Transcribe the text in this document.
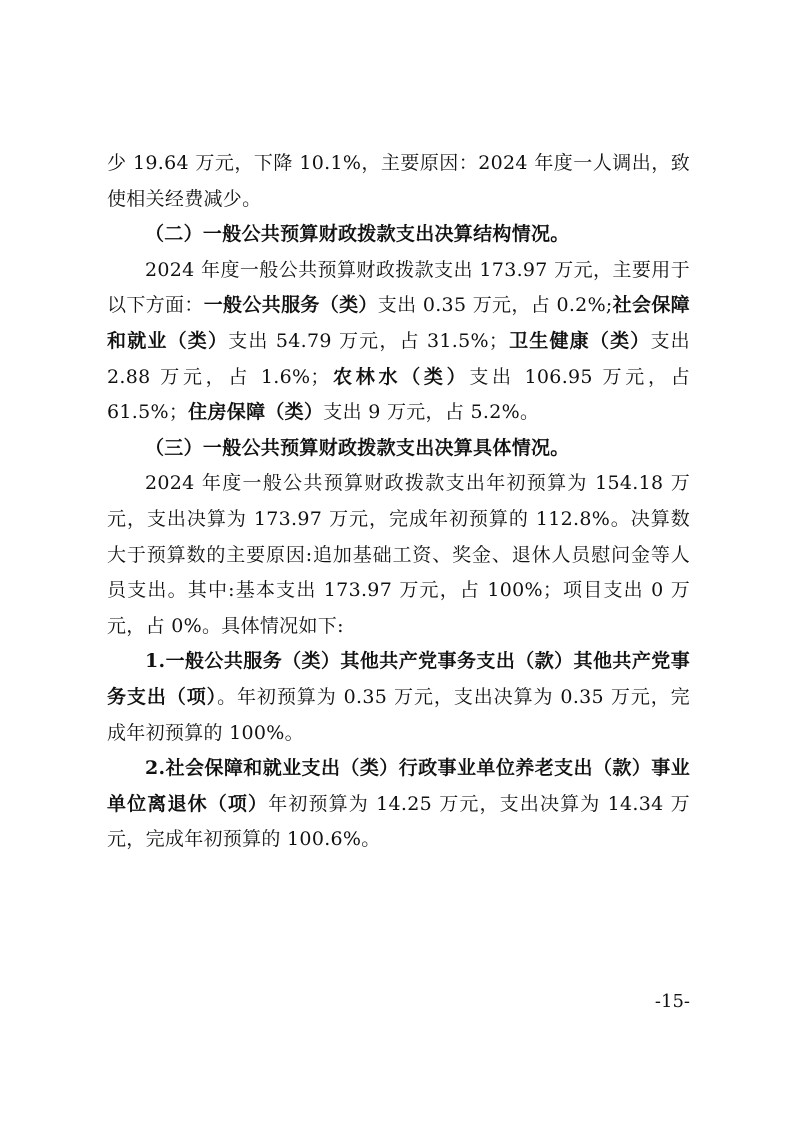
少 19.64 万元，下降 10.1%，主要原因：2024 年度一人调出，致使相关经费减少。

（二）一般公共预算财政拨款支出决算结构情况。

2024 年度一般公共预算财政拨款支出 173.97 万元，主要用于以下方面：一般公共服务（类）支出 0.35 万元，占 0.2%;社会保障和就业（类）支出 54.79 万元，占 31.5%；卫生健康（类）支出 2.88 万元，占 1.6%；农林水（类）支出 106.95 万元，占 61.5%；住房保障（类）支出 9 万元，占 5.2%。

（三）一般公共预算财政拨款支出决算具体情况。

2024 年度一般公共预算财政拨款支出年初预算为 154.18 万元，支出决算为 173.97 万元，完成年初预算的 112.8%。决算数大于预算数的主要原因:追加基础工资、奖金、退休人员慰问金等人员支出。其中:基本支出 173.97 万元，占 100%；项目支出 0 万元，占 0%。具体情况如下:

1.一般公共服务（类）其他共产党事务支出（款）其他共产党事务支出（项）。年初预算为 0.35 万元，支出决算为 0.35 万元，完成年初预算的 100%。

2.社会保障和就业支出（类）行政事业单位养老支出（款）事业单位离退休（项）年初预算为 14.25 万元，支出决算为 14.34 万元，完成年初预算的 100.6%。

-15-
